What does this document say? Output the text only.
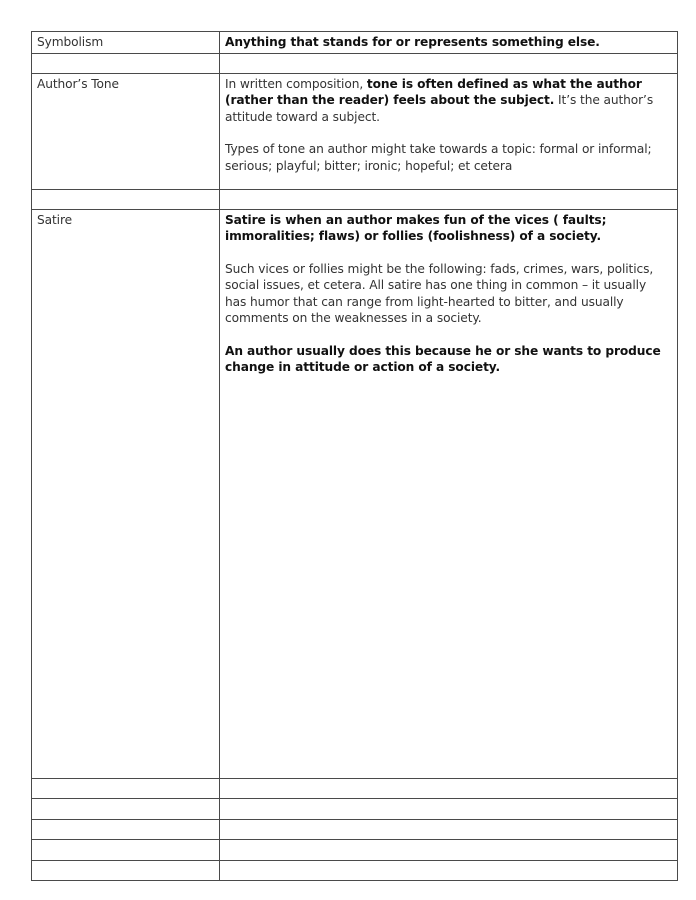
Symbolism	Anything that stands for or represents something else.

Author’s Tone	In written composition, tone is often defined as what the author (rather than the reader) feels about the subject. It’s the author’s attitude toward a subject.

Types of tone an author might take towards a topic: formal or informal; serious; playful; bitter; ironic; hopeful; et cetera

Satire	Satire is when an author makes fun of the vices ( faults; immoralities; flaws) or follies (foolishness) of a society.

Such vices or follies might be the following: fads, crimes, wars, politics, social issues, et cetera. All satire has one thing in common – it usually has humor that can range from light-hearted to bitter, and usually comments on the weaknesses in a society.

An author usually does this because he or she wants to produce change in attitude or action of a society.
